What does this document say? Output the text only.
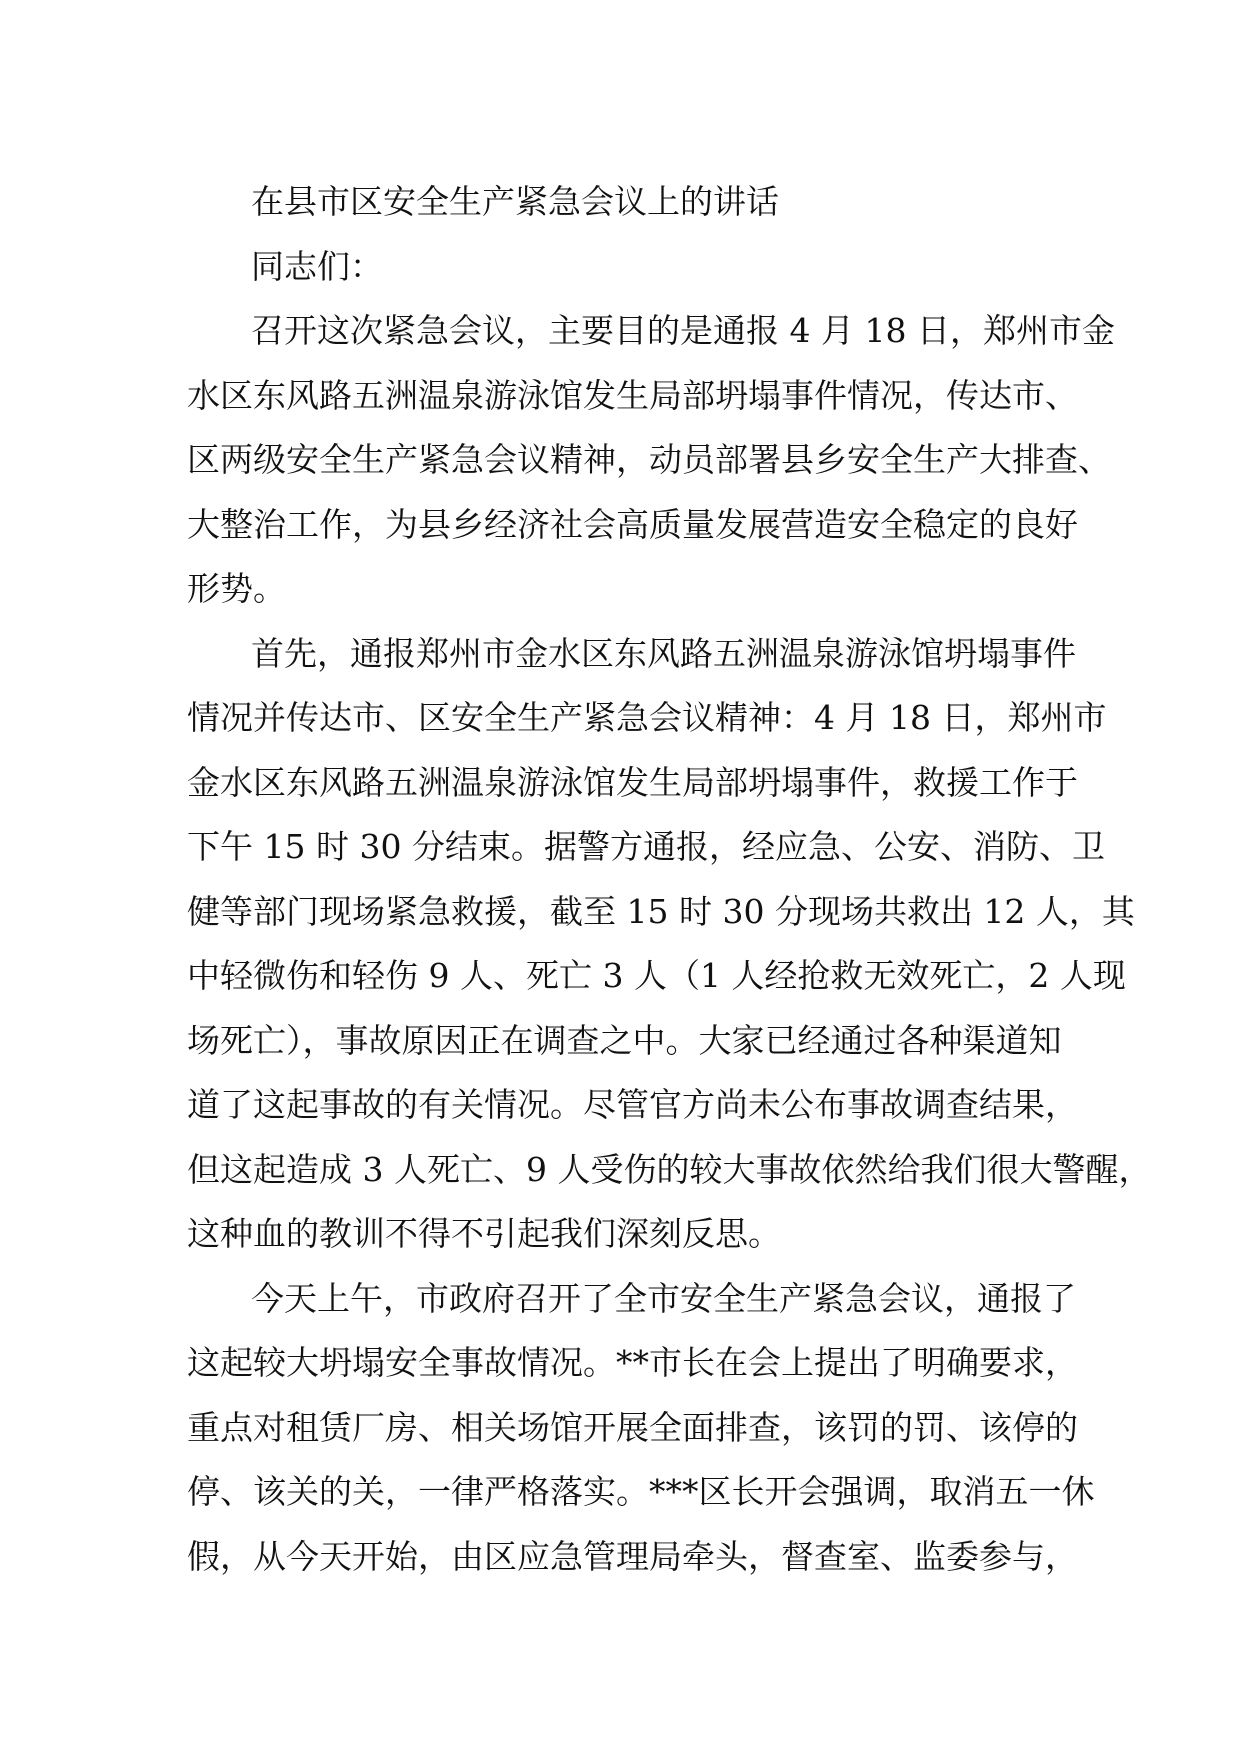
在县市区安全生产紧急会议上的讲话
同志们：
召开这次紧急会议，主要目的是通报 4 月 18 日，郑州市金
水区东风路五洲温泉游泳馆发生局部坍塌事件情况，传达市、
区两级安全生产紧急会议精神，动员部署县乡安全生产大排查、
大整治工作，为县乡经济社会高质量发展营造安全稳定的良好
形势。
首先，通报郑州市金水区东风路五洲温泉游泳馆坍塌事件
情况并传达市、区安全生产紧急会议精神：4 月 18 日，郑州市
金水区东风路五洲温泉游泳馆发生局部坍塌事件，救援工作于
下午 15 时 30 分结束。据警方通报，经应急、公安、消防、卫
健等部门现场紧急救援，截至 15 时 30 分现场共救出 12 人，其
中轻微伤和轻伤 9 人、死亡 3 人（1 人经抢救无效死亡，2 人现
场死亡），事故原因正在调查之中。大家已经通过各种渠道知
道了这起事故的有关情况。尽管官方尚未公布事故调查结果，
但这起造成 3 人死亡、9 人受伤的较大事故依然给我们很大警醒，
这种血的教训不得不引起我们深刻反思。
今天上午，市政府召开了全市安全生产紧急会议，通报了
这起较大坍塌安全事故情况。**市长在会上提出了明确要求，
重点对租赁厂房、相关场馆开展全面排查，该罚的罚、该停的
停、该关的关，一律严格落实。***区长开会强调，取消五一休
假，从今天开始，由区应急管理局牵头，督查室、监委参与，
